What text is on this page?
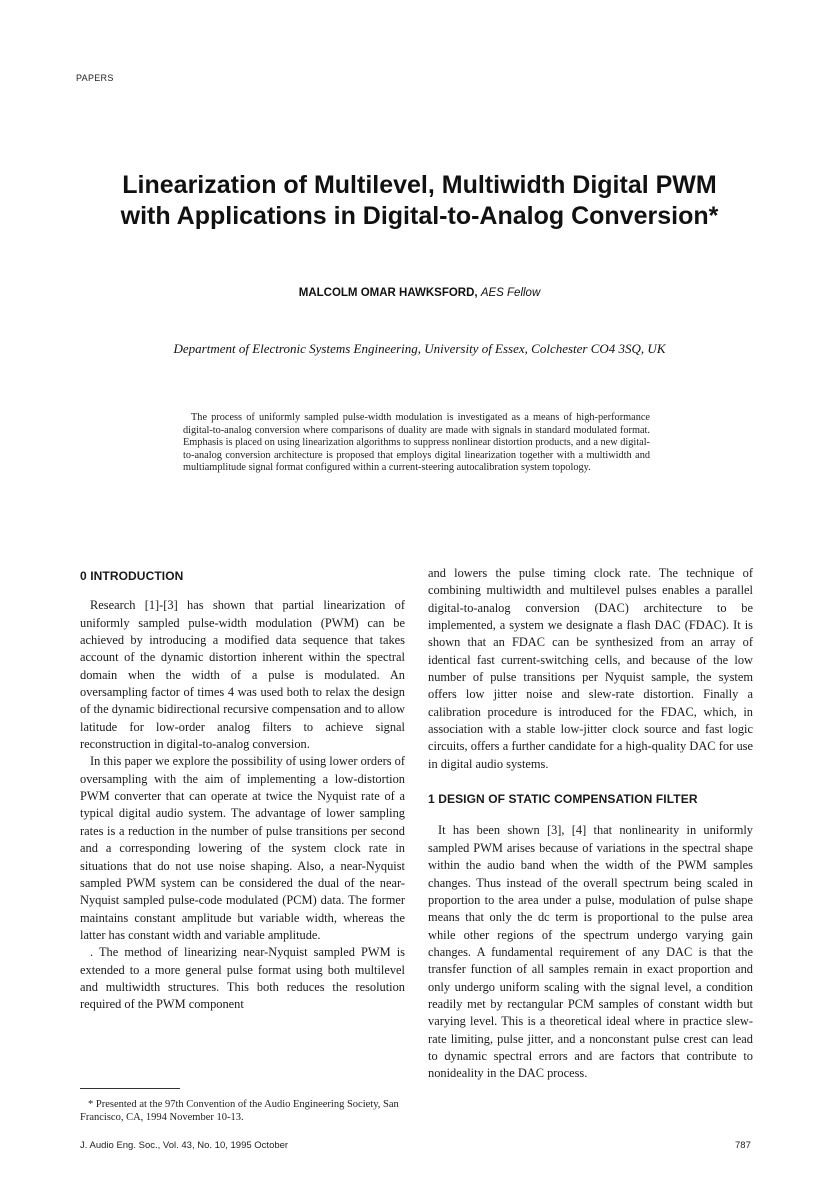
PAPERS
Linearization of Multilevel, Multiwidth Digital PWM
with Applications in Digital-to-Analog Conversion*
MALCOLM OMAR HAWKSFORD, AES Fellow
Department of Electronic Systems Engineering, University of Essex, Colchester CO4 3SQ, UK
The process of uniformly sampled pulse-width modulation is investigated as a means of high-performance digital-to-analog conversion where comparisons of duality are made with signals in standard modulated format. Emphasis is placed on using linearization algorithms to suppress nonlinear distortion products, and a new digital-to-analog conversion architecture is proposed that employs digital linearization together with a multiwidth and multiamplitude signal format configured within a current-steering autocalibration system topology.
0 INTRODUCTION

Research [1]-[3] has shown that partial linearization of uniformly sampled pulse-width modulation (PWM) can be achieved by introducing a modified data sequence that takes account of the dynamic distortion inherent within the spectral domain when the width of a pulse is modulated. An oversampling factor of times 4 was used both to relax the design of the dynamic bidirectional recursive compensation and to allow latitude for low-order analog filters to achieve signal reconstruction in digital-to-analog conversion.

In this paper we explore the possibility of using lower orders of oversampling with the aim of implementing a low-distortion PWM converter that can operate at twice the Nyquist rate of a typical digital audio system. The advantage of lower sampling rates is a reduction in the number of pulse transitions per second and a corresponding lowering of the system clock rate in situations that do not use noise shaping. Also, a near-Nyquist sampled PWM system can be considered the dual of the near-Nyquist sampled pulse-code modulated (PCM) data. The former maintains constant amplitude but variable width, whereas the latter has constant width and variable amplitude.

. The method of linearizing near-Nyquist sampled PWM is extended to a more general pulse format using both multilevel and multiwidth structures. This both reduces the resolution required of the PWM component

* Presented at the 97th Convention of the Audio Engineering Society, San Francisco, CA, 1994 November 10-13.

and lowers the pulse timing clock rate. The technique of combining multiwidth and multilevel pulses enables a parallel digital-to-analog conversion (DAC) architecture to be implemented, a system we designate a flash DAC (FDAC). It is shown that an FDAC can be synthesized from an array of identical fast current-switching cells, and because of the low number of pulse transitions per Nyquist sample, the system offers low jitter noise and slew-rate distortion. Finally a calibration procedure is introduced for the FDAC, which, in association with a stable low-jitter clock source and fast logic circuits, offers a further candidate for a high-quality DAC for use in digital audio systems.

1 DESIGN OF STATIC COMPENSATION FILTER

It has been shown [3], [4] that nonlinearity in uniformly sampled PWM arises because of variations in the spectral shape within the audio band when the width of the PWM samples changes. Thus instead of the overall spectrum being scaled in proportion to the area under a pulse, modulation of pulse shape means that only the dc term is proportional to the pulse area while other regions of the spectrum undergo varying gain changes. A fundamental requirement of any DAC is that the transfer function of all samples remain in exact proportion and only undergo uniform scaling with the signal level, a condition readily met by rectangular PCM samples of constant width but varying level. This is a theoretical ideal where in practice slew-rate limiting, pulse jitter, and a nonconstant pulse crest can lead to dynamic spectral errors and are factors that contribute to nonideality in the DAC process.

J. Audio Eng. Soc., Vol. 43, No. 10, 1995 October	787
